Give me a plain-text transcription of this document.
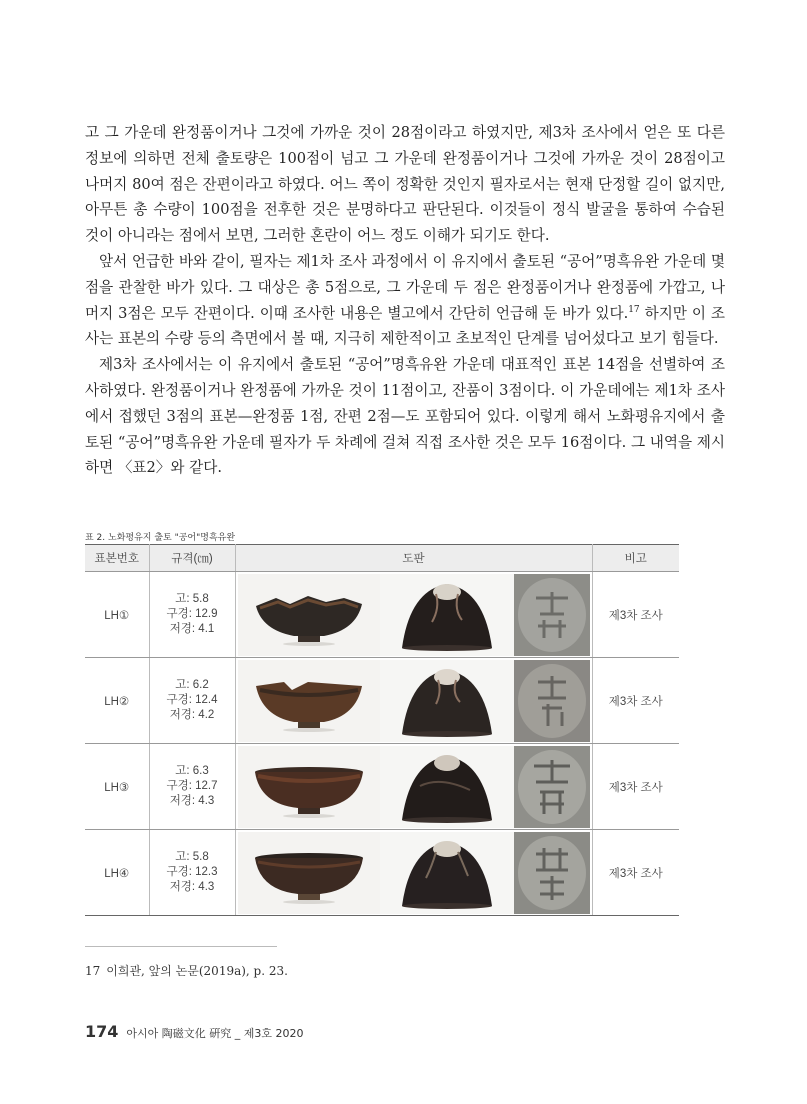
고 그 가운데 완정품이거나 그것에 가까운 것이 28점이라고 하였지만, 제3차 조사에서 얻은 또 다른 정보에 의하면 전체 출토량은 100점이 넘고 그 가운데 완정품이거나 그것에 가까운 것이 28점이고 나머지 80여 점은 잔편이라고 하였다. 어느 쪽이 정확한 것인지 필자로서는 현재 단정할 길이 없지만, 아무튼 총 수량이 100점을 전후한 것은 분명하다고 판단된다. 이것들이 정식 발굴을 통하여 수습된 것이 아니라는 점에서 보면, 그러한 혼란이 어느 정도 이해가 되기도 한다.

앞서 언급한 바와 같이, 필자는 제1차 조사 과정에서 이 유지에서 출토된 “공어”명흑유완 가운데 몇 점을 관찰한 바가 있다. 그 대상은 총 5점으로, 그 가운데 두 점은 완정품이거나 완정품에 가깝고, 나머지 3점은 모두 잔편이다. 이때 조사한 내용은 별고에서 간단히 언급해 둔 바가 있다.$^{17}$ 하지만 이 조사는 표본의 수량 등의 측면에서 볼 때, 지극히 제한적이고 초보적인 단계를 넘어섰다고 보기 힘들다.

제3차 조사에서는 이 유지에서 출토된 “공어”명흑유완 가운데 대표적인 표본 14점을 선별하여 조사하였다. 완정품이거나 완정품에 가까운 것이 11점이고, 잔품이 3점이다. 이 가운데에는 제1차 조사에서 접했던 3점의 표본—완정품 1점, 잔편 2점—도 포함되어 있다. 이렇게 해서 노화평유지에서 출토된 “공어”명흑유완 가운데 필자가 두 차례에 걸쳐 직접 조사한 것은 모두 16점이다. 그 내역을 제시하면 〈표2〉와 같다.

표 2. 노화평유지 출토 "공어"명흑유완
표본번호	규격(㎝)	도판	비고
LH①	고: 5.8
구경: 12.9
저경: 4.1		제3차 조사
LH②	고: 6.2
구경: 12.4
저경: 4.2		제3차 조사
LH③	고: 6.3
구경: 12.7
저경: 4.3		제3차 조사
LH④	고: 5.8
구경: 12.3
저경: 4.3		제3차 조사
17 이희관, 앞의 논문(2019a), p. 23.
174 아시아 陶磁文化 硏究 _ 제3호 2020
